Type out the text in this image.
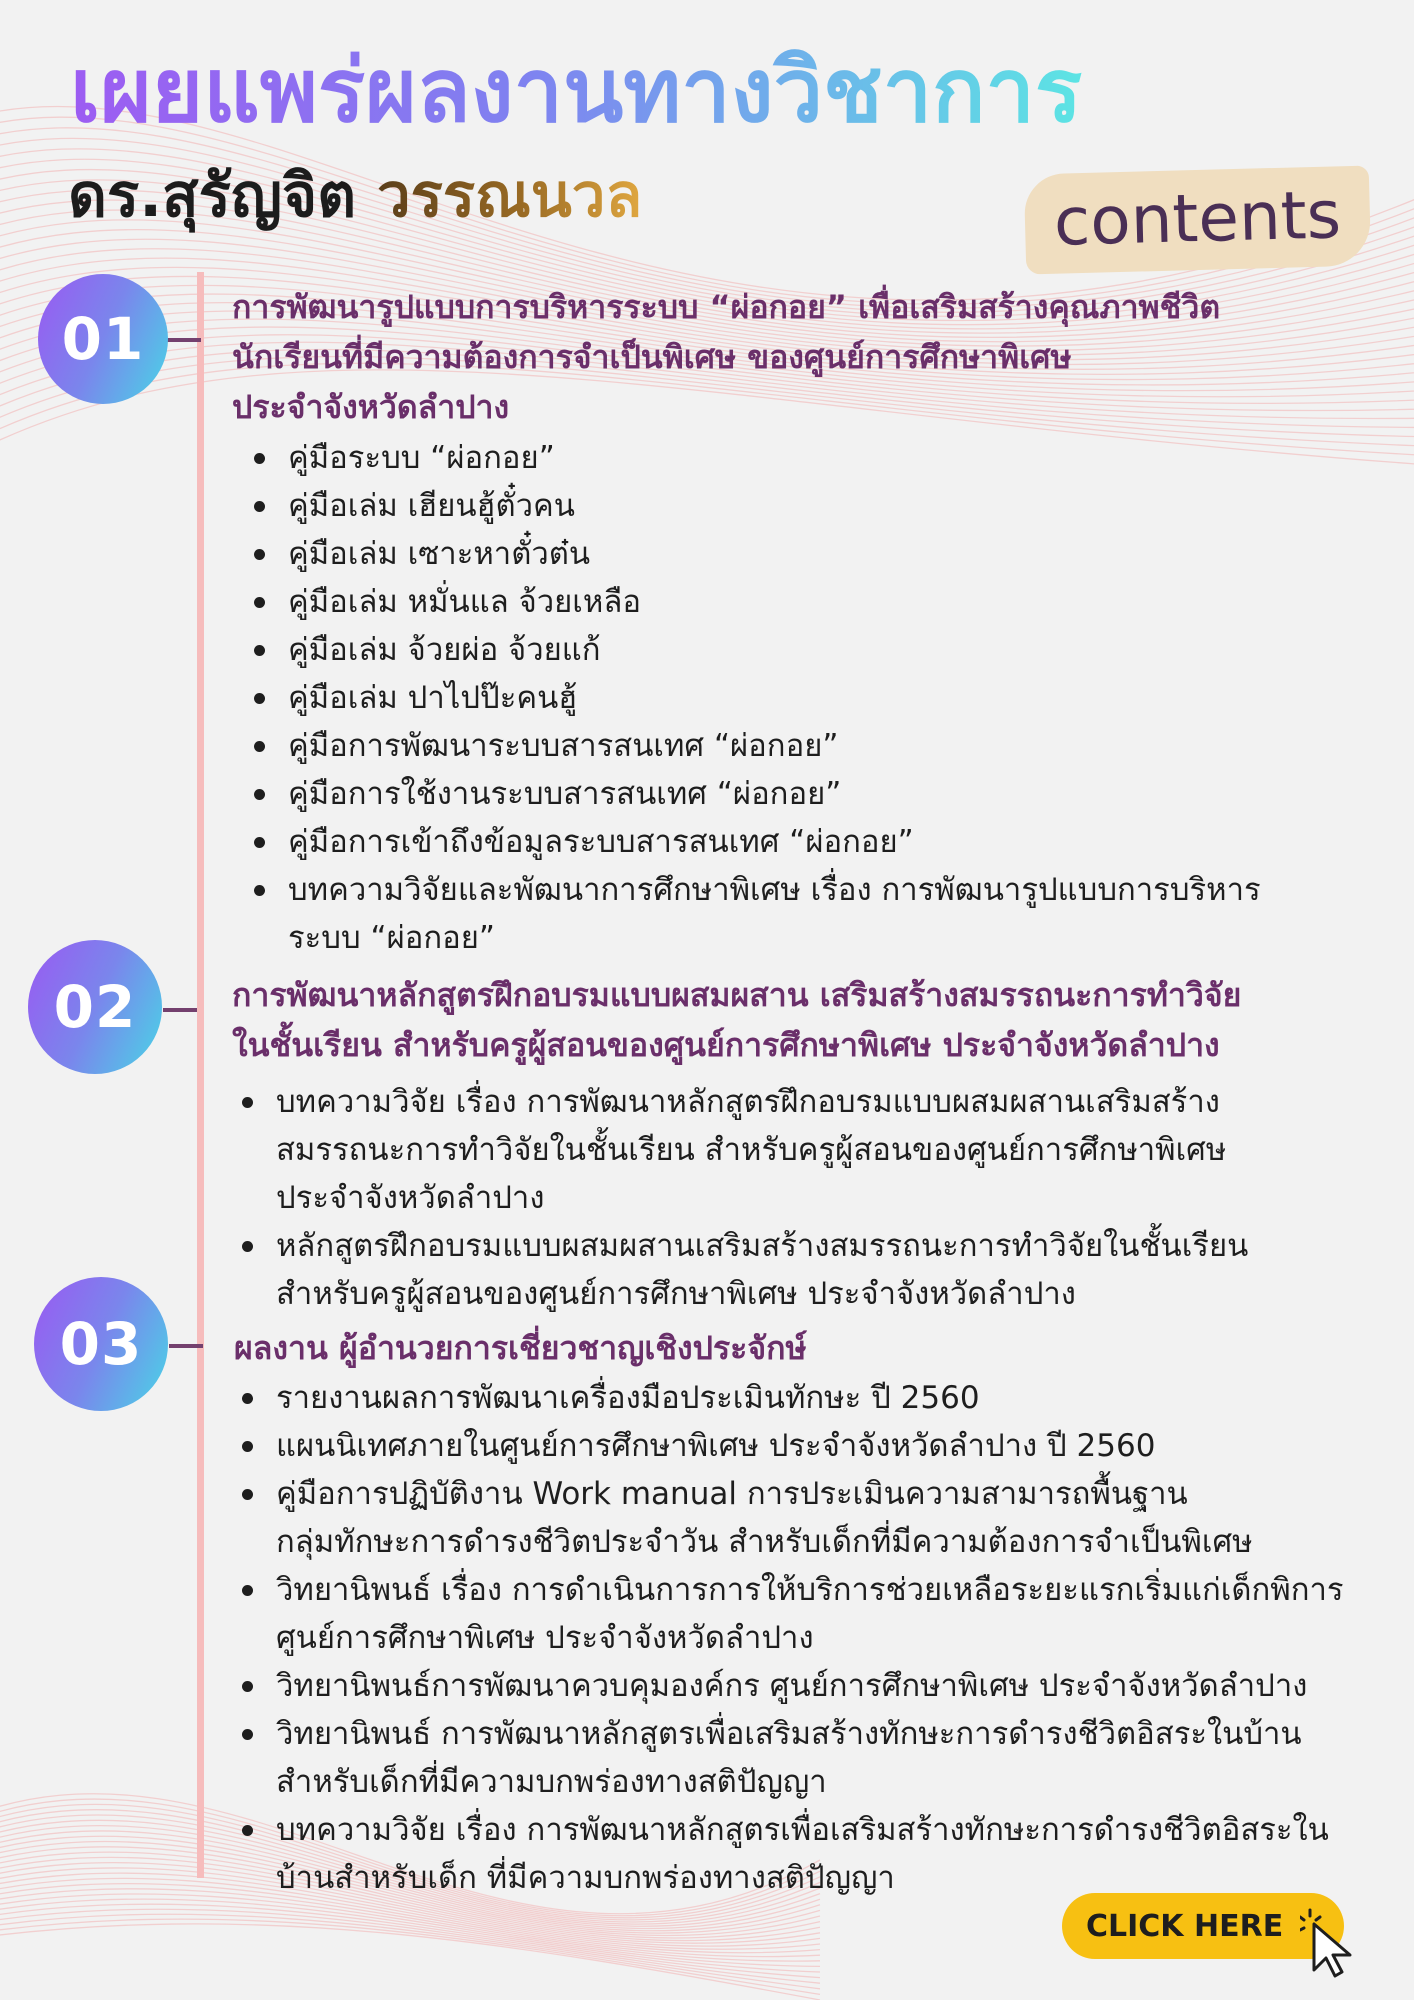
เผยแพร่ผลงานทางวิชาการ
ดร.สุรัญจิต วรรณนวล	contents
01	การพัฒนารูปแบบการบริหารระบบ “ผ่อกอย” เพื่อเสริมสร้างคุณภาพชีวิต
นักเรียนที่มีความต้องการจำเป็นพิเศษ ของศูนย์การศึกษาพิเศษ
ประจำจังหวัดลำปาง
คู่มือระบบ “ผ่อกอย”
คู่มือเล่ม เฮียนฮู้ตั๋วคน
คู่มือเล่ม เซาะหาตั๋วต๋น
คู่มือเล่ม หมั่นแล จ้วยเหลือ
คู่มือเล่ม จ้วยผ่อ จ้วยแก้
คู่มือเล่ม ปาไปป๊ะคนฮู้
คู่มือการพัฒนาระบบสารสนเทศ “ผ่อกอย”
คู่มือการใช้งานระบบสารสนเทศ “ผ่อกอย”
คู่มือการเข้าถึงข้อมูลระบบสารสนเทศ “ผ่อกอย”
บทความวิจัยและพัฒนาการศึกษาพิเศษ เรื่อง การพัฒนารูปแบบการบริหาร
ระบบ “ผ่อกอย”
02	การพัฒนาหลักสูตรฝึกอบรมแบบผสมผสาน เสริมสร้างสมรรถนะการทำวิจัย
ในชั้นเรียน สำหรับครูผู้สอนของศูนย์การศึกษาพิเศษ ประจำจังหวัดลำปาง
บทความวิจัย เรื่อง การพัฒนาหลักสูตรฝึกอบรมแบบผสมผสานเสริมสร้าง
สมรรถนะการทำวิจัยในชั้นเรียน สำหรับครูผู้สอนของศูนย์การศึกษาพิเศษ
ประจำจังหวัดลำปาง
หลักสูตรฝึกอบรมแบบผสมผสานเสริมสร้างสมรรถนะการทำวิจัยในชั้นเรียน
สำหรับครูผู้สอนของศูนย์การศึกษาพิเศษ ประจำจังหวัดลำปาง
03	ผลงาน ผู้อำนวยการเชี่ยวชาญเชิงประจักษ์
รายงานผลการพัฒนาเครื่องมือประเมินทักษะ ปี 2560
แผนนิเทศภายในศูนย์การศึกษาพิเศษ ประจำจังหวัดลำปาง ปี 2560
คู่มือการปฏิบัติงาน Work manual การประเมินความสามารถพื้นฐาน
กลุ่มทักษะการดำรงชีวิตประจำวัน สำหรับเด็กที่มีความต้องการจำเป็นพิเศษ
วิทยานิพนธ์ เรื่อง การดำเนินการการให้บริการช่วยเหลือระยะแรกเริ่มแก่เด็กพิการ
ศูนย์การศึกษาพิเศษ ประจำจังหวัดลำปาง
วิทยานิพนธ์การพัฒนาควบคุมองค์กร ศูนย์การศึกษาพิเศษ ประจำจังหวัดลำปาง
วิทยานิพนธ์ การพัฒนาหลักสูตรเพื่อเสริมสร้างทักษะการดำรงชีวิตอิสระในบ้าน
สำหรับเด็กที่มีความบกพร่องทางสติปัญญา
บทความวิจัย เรื่อง การพัฒนาหลักสูตรเพื่อเสริมสร้างทักษะการดำรงชีวิตอิสระใน
บ้านสำหรับเด็ก ที่มีความบกพร่องทางสติปัญญา
CLICK HERE
